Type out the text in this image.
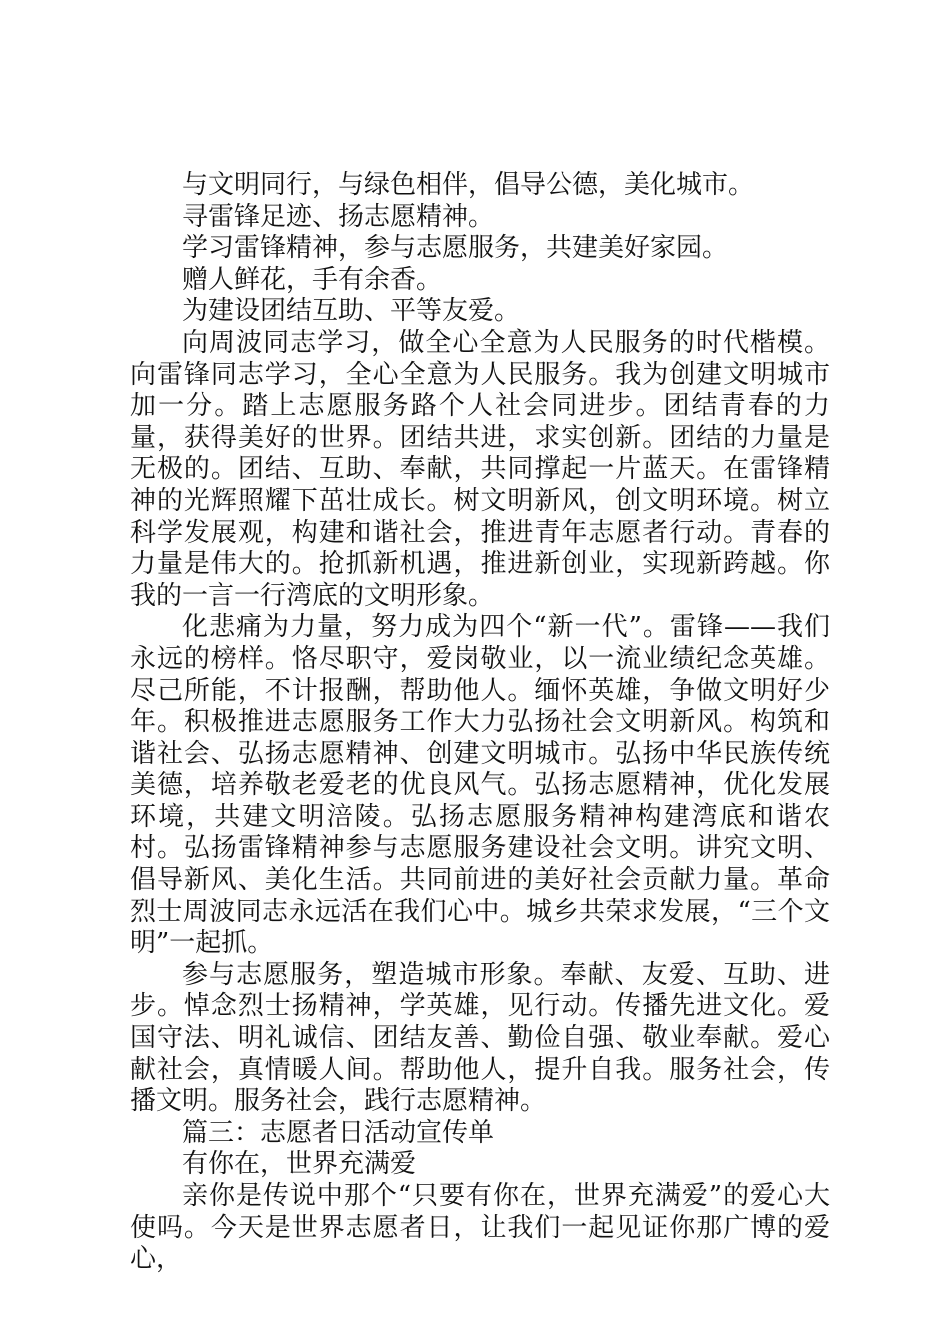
与文明同行，与绿色相伴，倡导公德，美化城市。

寻雷锋足迹、扬志愿精神。

学习雷锋精神，参与志愿服务，共建美好家园。

赠人鲜花，手有余香。

为建设团结互助、平等友爱。

向周波同志学习，做全心全意为人民服务的时代楷模。向雷锋同志学习，全心全意为人民服务。我为创建文明城市加一分。踏上志愿服务路个人社会同进步。团结青春的力量，获得美好的世界。团结共进，求实创新。团结的力量是无极的。团结、互助、奉献，共同撑起一片蓝天。在雷锋精神的光辉照耀下茁壮成长。树文明新风，创文明环境。树立科学发展观，构建和谐社会，推进青年志愿者行动。青春的力量是伟大的。抢抓新机遇，推进新创业，实现新跨越。你我的一言一行湾底的文明形象。

化悲痛为力量，努力成为四个“新一代”。雷锋——我们永远的榜样。恪尽职守，爱岗敬业，以一流业绩纪念英雄。尽己所能，不计报酬，帮助他人。缅怀英雄，争做文明好少年。积极推进志愿服务工作大力弘扬社会文明新风。构筑和谐社会、弘扬志愿精神、创建文明城市。弘扬中华民族传统美德，培养敬老爱老的优良风气。弘扬志愿精神，优化发展环境，共建文明涪陵。弘扬志愿服务精神构建湾底和谐农村。弘扬雷锋精神参与志愿服务建设社会文明。讲究文明、倡导新风、美化生活。共同前进的美好社会贡献力量。革命烈士周波同志永远活在我们心中。城乡共荣求发展，“三个文明”一起抓。

参与志愿服务，塑造城市形象。奉献、友爱、互助、进步。悼念烈士扬精神，学英雄，见行动。传播先进文化。爱国守法、明礼诚信、团结友善、勤俭自强、敬业奉献。爱心献社会，真情暖人间。帮助他人，提升自我。服务社会，传播文明。服务社会，践行志愿精神。

篇三：志愿者日活动宣传单

有你在，世界充满爱

亲你是传说中那个“只要有你在，世界充满爱”的爱心大使吗。今天是世界志愿者日，让我们一起见证你那广博的爱心，
